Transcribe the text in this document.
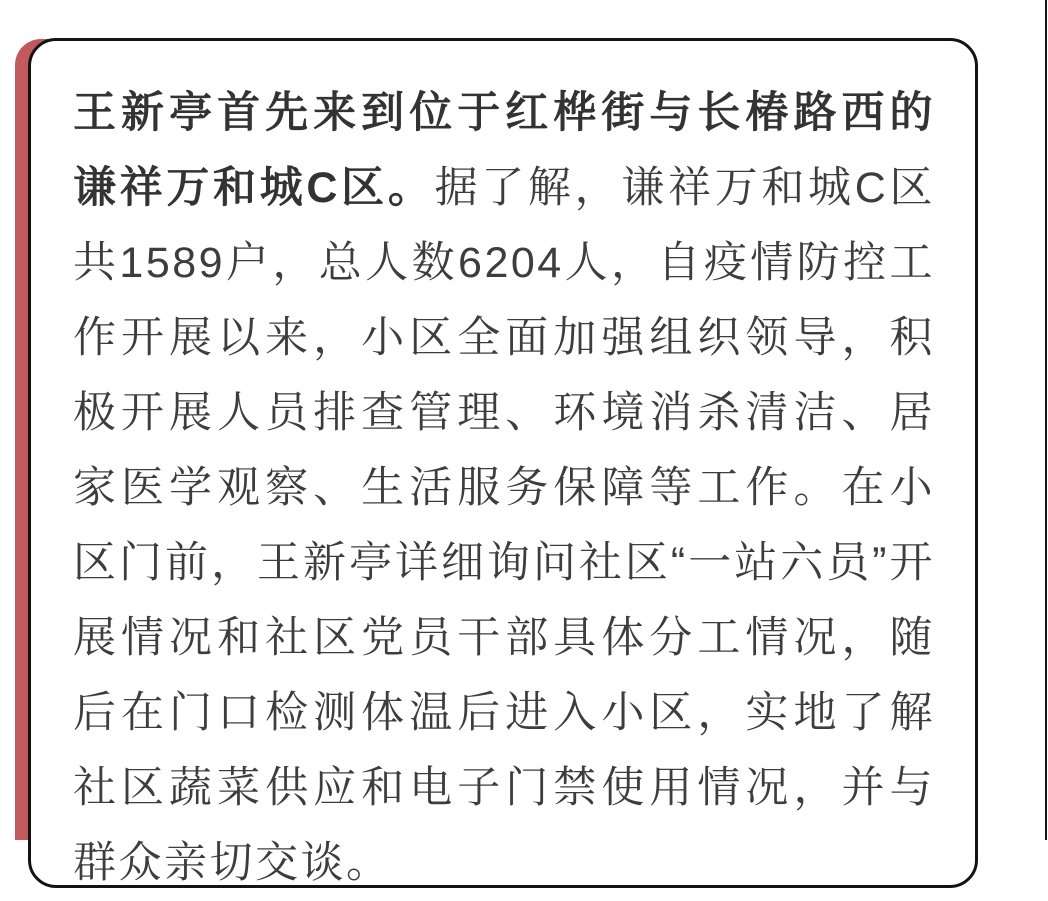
王新亭首先来到位于红桦街与长椿路西的谦祥万和城C区。据了解，谦祥万和城C区共1589户，总人数6204人，自疫情防控工作开展以来，小区全面加强组织领导，积极开展人员排查管理、环境消杀清洁、居家医学观察、生活服务保障等工作。在小区门前，王新亭详细询问社区“一站六员”开展情况和社区党员干部具体分工情况，随后在门口检测体温后进入小区，实地了解社区蔬菜供应和电子门禁使用情况，并与群众亲切交谈。
